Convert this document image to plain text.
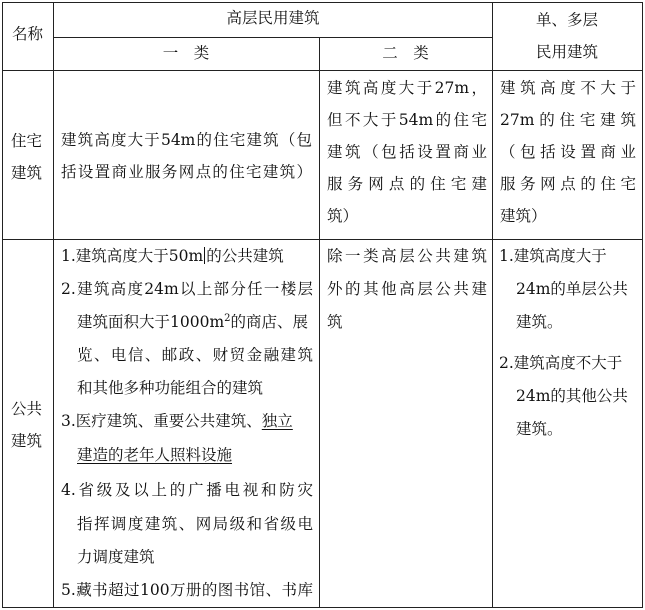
名称
高层民用建筑
一　类	二　类
单、多层
民用建筑
住宅
建筑
建筑高度大于54m的住宅建筑（包
括设置商业服务网点的住宅建筑）
建筑高度大于27m，
但不大于54m的住宅
建筑（包括设置商业
服务网点的住宅建
筑）
建筑高度不大于
27m的住宅建筑
（包括设置商业
服务网点的住宅
建筑）
公共
建筑
1.建筑高度大于50m 的公共建筑
2.建筑高度24m以上部分任一楼层
建筑面积大于$1000m^2$的商店、展
览、电信、邮政、财贸金融建筑
和其他多种功能组合的建筑
3.医疗建筑、重要公共建筑、独立
建造的老年人照料设施
4.省级及以上的广播电视和防灾
指挥调度建筑、网局级和省级电
力调度建筑
5.藏书超过100万册的图书馆、书库
除一类高层公共建筑
外的其他高层公共建
筑
1.建筑高度大于
24m的单层公共
建筑。
2.建筑高度不大于
24m的其他公共
建筑。
